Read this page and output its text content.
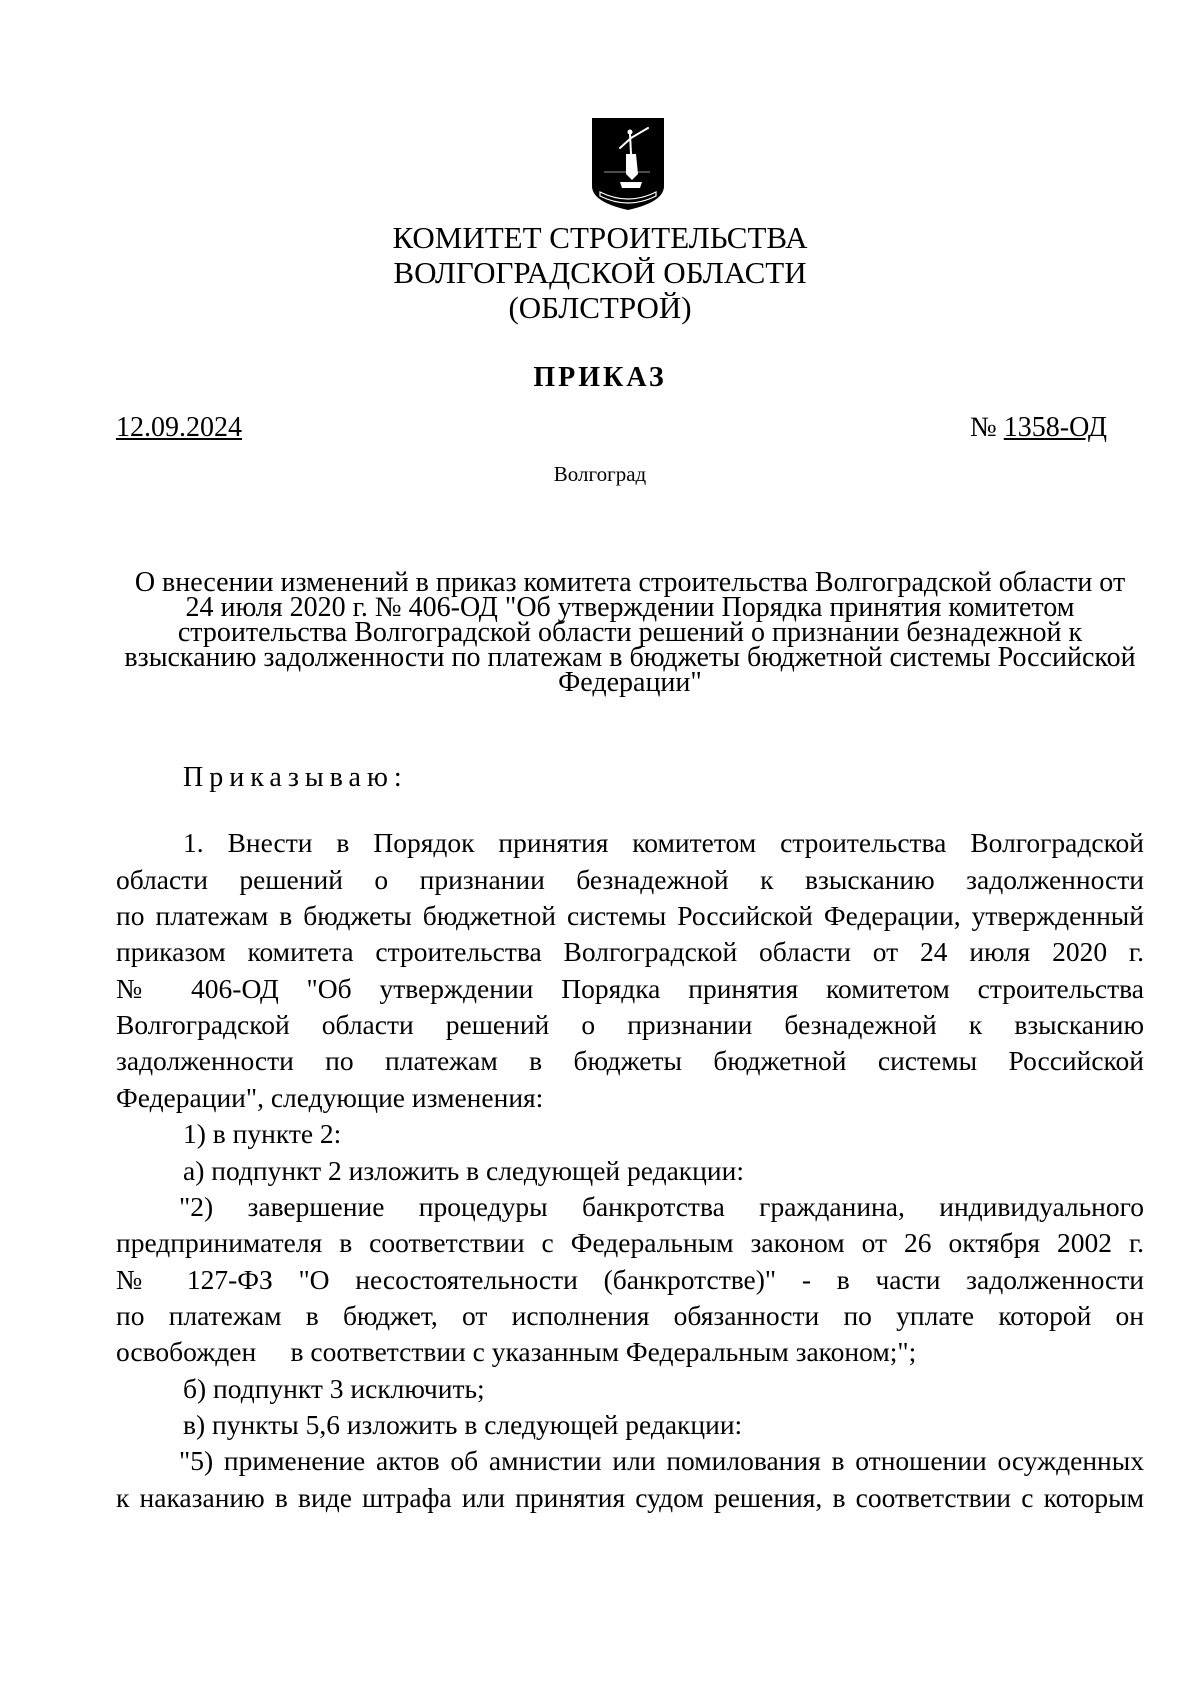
КОМИТЕТ СТРОИТЕЛЬСТВА
ВОЛГОГРАДСКОЙ ОБЛАСТИ
(ОБЛСТРОЙ)
ПРИКАЗ
12.09.2024	№ 1358-ОД
Волгоград
О внесении изменений в приказ комитета строительства Волгоградской области от
24 июля 2020 г. № 406-ОД "Об утверждении Порядка принятия комитетом
строительства Волгоградской области решений о признании безнадежной к
взысканию задолженности по платежам в бюджеты бюджетной системы Российской
Федерации"
Приказываю:
1. Внести в Порядок принятия комитетом строительства Волгоградской
области решений о признании безнадежной к взысканию задолженности
по платежам в бюджеты бюджетной системы Российской Федерации, утвержденный
приказом комитета строительства Волгоградской области от 24 июля 2020 г.
№ 406-ОД "Об утверждении Порядка принятия комитетом строительства
Волгоградской области решений о признании безнадежной к взысканию
задолженности по платежам в бюджеты бюджетной системы Российской
Федерации", следующие изменения:
1) в пункте 2:
а) подпункт 2 изложить в следующей редакции:
"2) завершение процедуры банкротства гражданина, индивидуального
предпринимателя в соответствии с Федеральным законом от 26 октября 2002 г.
№ 127-ФЗ "О несостоятельности (банкротстве)" - в части задолженности
по платежам в бюджет, от исполнения обязанности по уплате которой он
освобожден     в соответствии с указанным Федеральным законом;";
б) подпункт 3 исключить;
в) пункты 5,6 изложить в следующей редакции:
"5) применение актов об амнистии или помилования в отношении осужденных
к наказанию в виде штрафа или принятия судом решения, в соответствии с которым
